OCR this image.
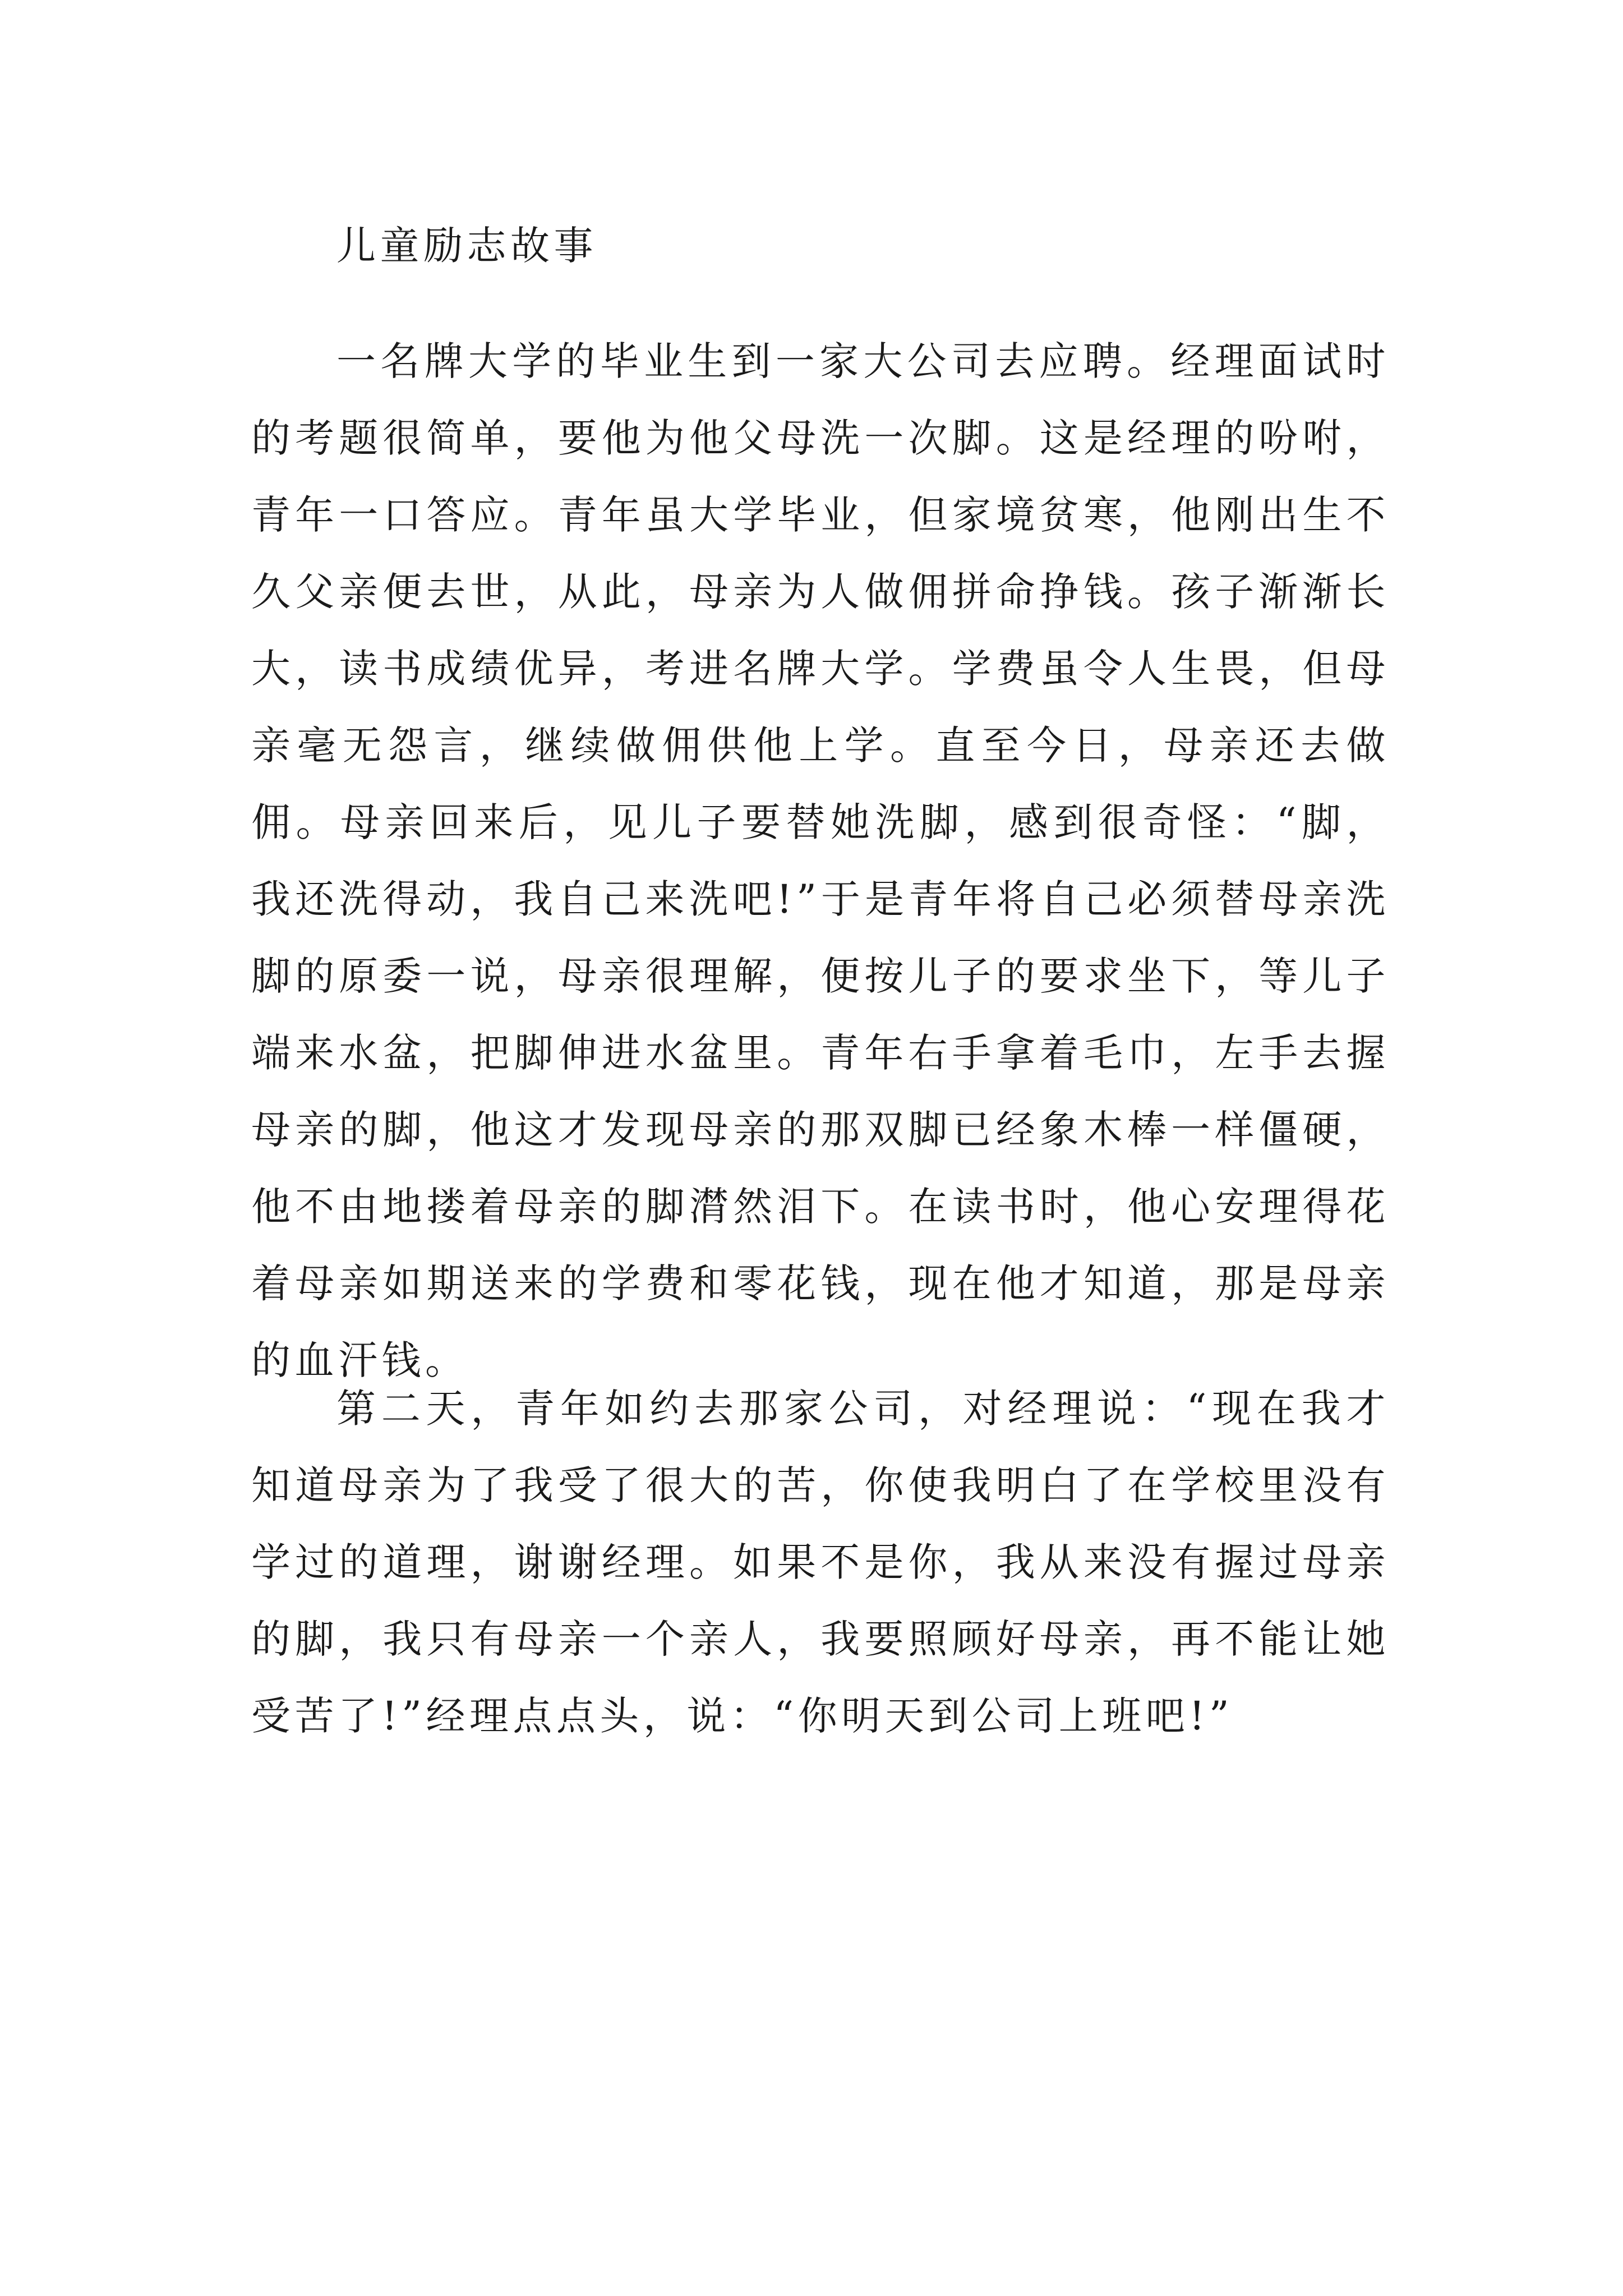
儿童励志故事

一名牌大学的毕业生到一家大公司去应聘。经理面试时的考题很简单，要他为他父母洗一次脚。这是经理的吩咐，青年一口答应。青年虽大学毕业，但家境贫寒，他刚出生不久父亲便去世，从此，母亲为人做佣拼命挣钱。孩子渐渐长大，读书成绩优异，考进名牌大学。学费虽令人生畏，但母亲毫无怨言，继续做佣供他上学。直至今日，母亲还去做佣。母亲回来后，见儿子要替她洗脚，感到很奇怪：“脚，我还洗得动，我自己来洗吧!”于是青年将自己必须替母亲洗脚的原委一说，母亲很理解，便按儿子的要求坐下，等儿子端来水盆，把脚伸进水盆里。青年右手拿着毛巾，左手去握母亲的脚，他这才发现母亲的那双脚已经象木棒一样僵硬，他不由地搂着母亲的脚潸然泪下。在读书时，他心安理得花着母亲如期送来的学费和零花钱，现在他才知道，那是母亲的血汗钱。

第二天，青年如约去那家公司，对经理说：“现在我才知道母亲为了我受了很大的苦，你使我明白了在学校里没有学过的道理，谢谢经理。如果不是你，我从来没有握过母亲的脚，我只有母亲一个亲人，我要照顾好母亲，再不能让她受苦了!”经理点点头，说：“你明天到公司上班吧!”
